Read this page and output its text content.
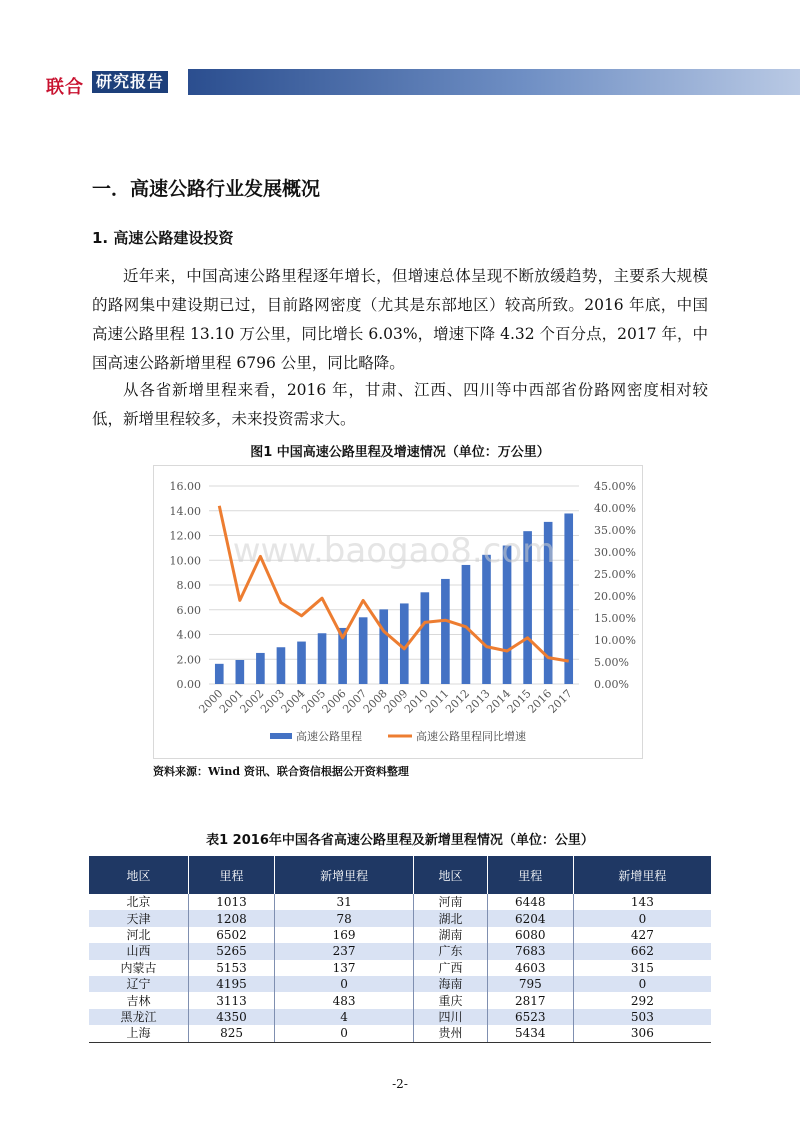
联合 研究报告
一．高速公路行业发展概况
1. 高速公路建设投资

近年来，中国高速公路里程逐年增长，但增速总体呈现不断放缓趋势，主要系大规模的路网集中建设期已过，目前路网密度（尤其是东部地区）较高所致。2016 年底，中国高速公路里程 13.10 万公里，同比增长 6.03%，增速下降 4.32 个百分点，2017 年，中国高速公路新增里程 6796 公里，同比略降。

从各省新增里程来看，2016 年，甘肃、江西、四川等中西部省份路网密度相对较低，新增里程较多，未来投资需求大。

图1 中国高速公路里程及增速情况（单位：万公里）
0.00
2.00
4.00
6.00
8.00
10.00
12.00
14.00
16.00
0.00%
5.00%
10.00%
15.00%
20.00%
25.00%
30.00%
35.00%
40.00%
45.00%
2000
2001
2002
2003
2004
2005
2006
2007
2008
2009
2010
2011
2012
2013
2014
2015
2016
2017
www.baogao8.com
高速公路里程	高速公路里程同比增速
资料来源：Wind 资讯、联合资信根据公开资料整理
表1 2016年中国各省高速公路里程及新增里程情况（单位：公里）
地区	里程	新增里程	地区	里程	新增里程
北京	1013	31	河南	6448	143
天津	1208	78	湖北	6204	0
河北	6502	169	湖南	6080	427
山西	5265	237	广东	7683	662
内蒙古	5153	137	广西	4603	315
辽宁	4195	0	海南	795	0
吉林	3113	483	重庆	2817	292
黑龙江	4350	4	四川	6523	503
上海	825	0	贵州	5434	306
-2-
